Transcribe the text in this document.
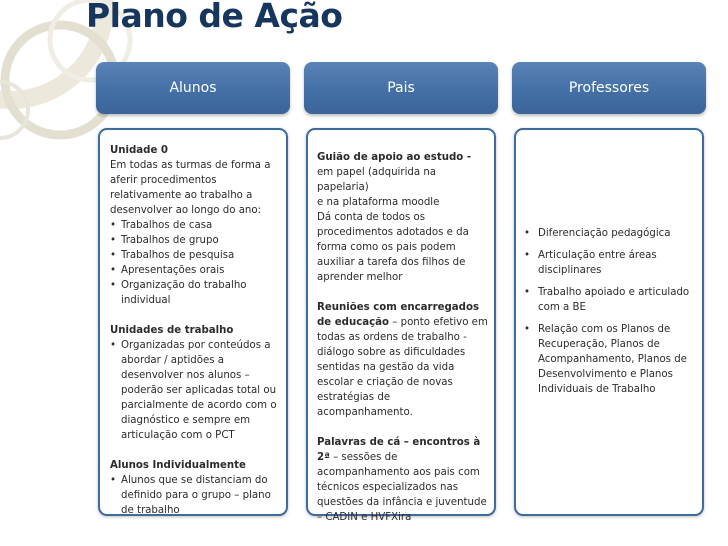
Plano de Ação
Alunos	Pais	Professores
Unidade 0
Em todas as turmas de forma a
aferir procedimentos
relativamente ao trabalho a
desenvolver ao longo do ano:
• Trabalhos de casa
• Trabalhos de grupo
• Trabalhos de pesquisa
• Apresentações orais
• Organização do trabalho individual
Unidades de trabalho
• Organizadas por conteúdos a abordar / aptidões a desenvolver nos alunos – poderão ser aplicadas total ou parcialmente de acordo com o diagnóstico e sempre em articulação com o PCT
Alunos Individualmente
• Alunos que se distanciam do definido para o grupo – plano de trabalho
Guião de apoio ao estudo -
em papel (adquirida na papelaria)
e na plataforma moodle
Dá conta de todos os
procedimentos adotados e da
forma como os pais podem
auxiliar a tarefa dos filhos de
aprender melhor
Reuniões com encarregados de educação – ponto efetivo em todas as ordens de trabalho - diálogo sobre as dificuldades sentidas na gestão da vida escolar e criação de novas estratégias de acompanhamento.
Palavras de cá – encontros à 2ª – sessões de acompanhamento aos pais com técnicos especializados nas questões da infância e juventude – CADIN e HVFXira
• Diferenciação pedagógica
• Articulação entre áreas disciplinares
• Trabalho apoiado e articulado com a BE
• Relação com os Planos de Recuperação, Planos de Acompanhamento, Planos de Desenvolvimento e Planos Individuais de Trabalho
